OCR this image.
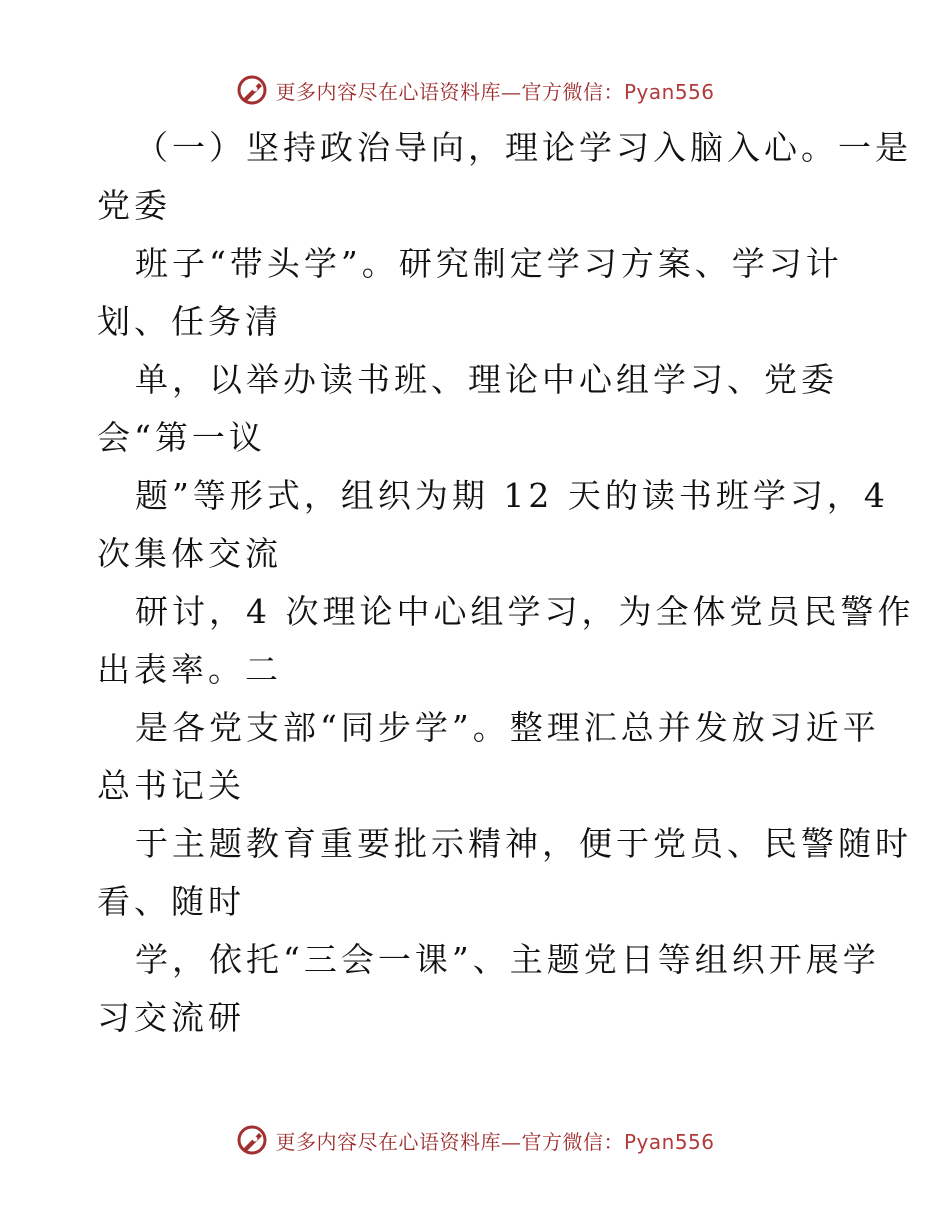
更多内容尽在心语资料库—官方微信：Pyan556
（一）坚持政治导向，理论学习入脑入心。一是
党委
班子“带头学”。研究制定学习方案、学习计
划、任务清
单，以举办读书班、理论中心组学习、党委
会“第一议
题”等形式，组织为期 12 天的读书班学习，4
次集体交流
研讨，4 次理论中心组学习，为全体党员民警作
出表率。二
是各党支部“同步学”。整理汇总并发放习近平
总书记关
于主题教育重要批示精神，便于党员、民警随时
看、随时
学，依托“三会一课”、主题党日等组织开展学
习交流研
更多内容尽在心语资料库—官方微信：Pyan556
